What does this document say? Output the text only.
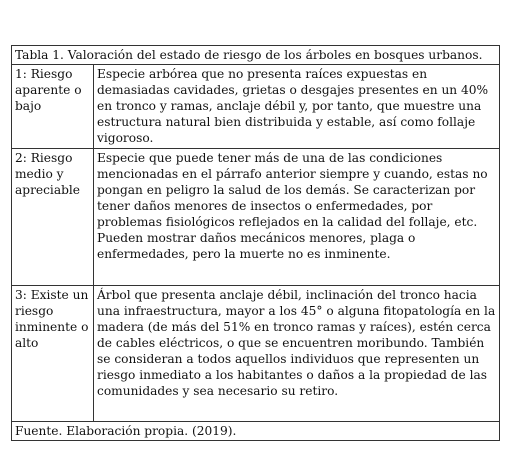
Tabla 1. Valoración del estado de riesgo de los árboles en bosques urbanos.	
1: Riesgo aparente o bajo	Especie arbórea que no presenta raíces expuestas en demasiadas cavidades, grietas o desgajes presentes en un 40% en tronco y ramas, anclaje débil y, por tanto, que muestre una estructura natural bien distribuida y estable, así como follaje vigoroso.
2: Riesgo medio y apreciable	Especie que puede tener más de una de las condiciones mencionadas en el párrafo anterior siempre y cuando, estas no pongan en peligro la salud de los demás. Se caracterizan por tener daños menores de insectos o enfermedades, por problemas fisiológicos reflejados en la calidad del follaje, etc. Pueden mostrar daños mecánicos menores, plaga o enfermedades, pero la muerte no es inminente.
3: Existe un riesgo inminente o alto	Árbol que presenta anclaje débil, inclinación del tronco hacia una infraestructura, mayor a los 45° o alguna fitopatología en la madera (de más del 51% en tronco ramas y raíces), estén cerca de cables eléctricos, o que se encuentren moribundo. También se consideran a todos aquellos individuos que representen un riesgo inmediato a los habitantes o daños a la propiedad de las comunidades y sea necesario su retiro.
Fuente. Elaboración propia. (2019).	
